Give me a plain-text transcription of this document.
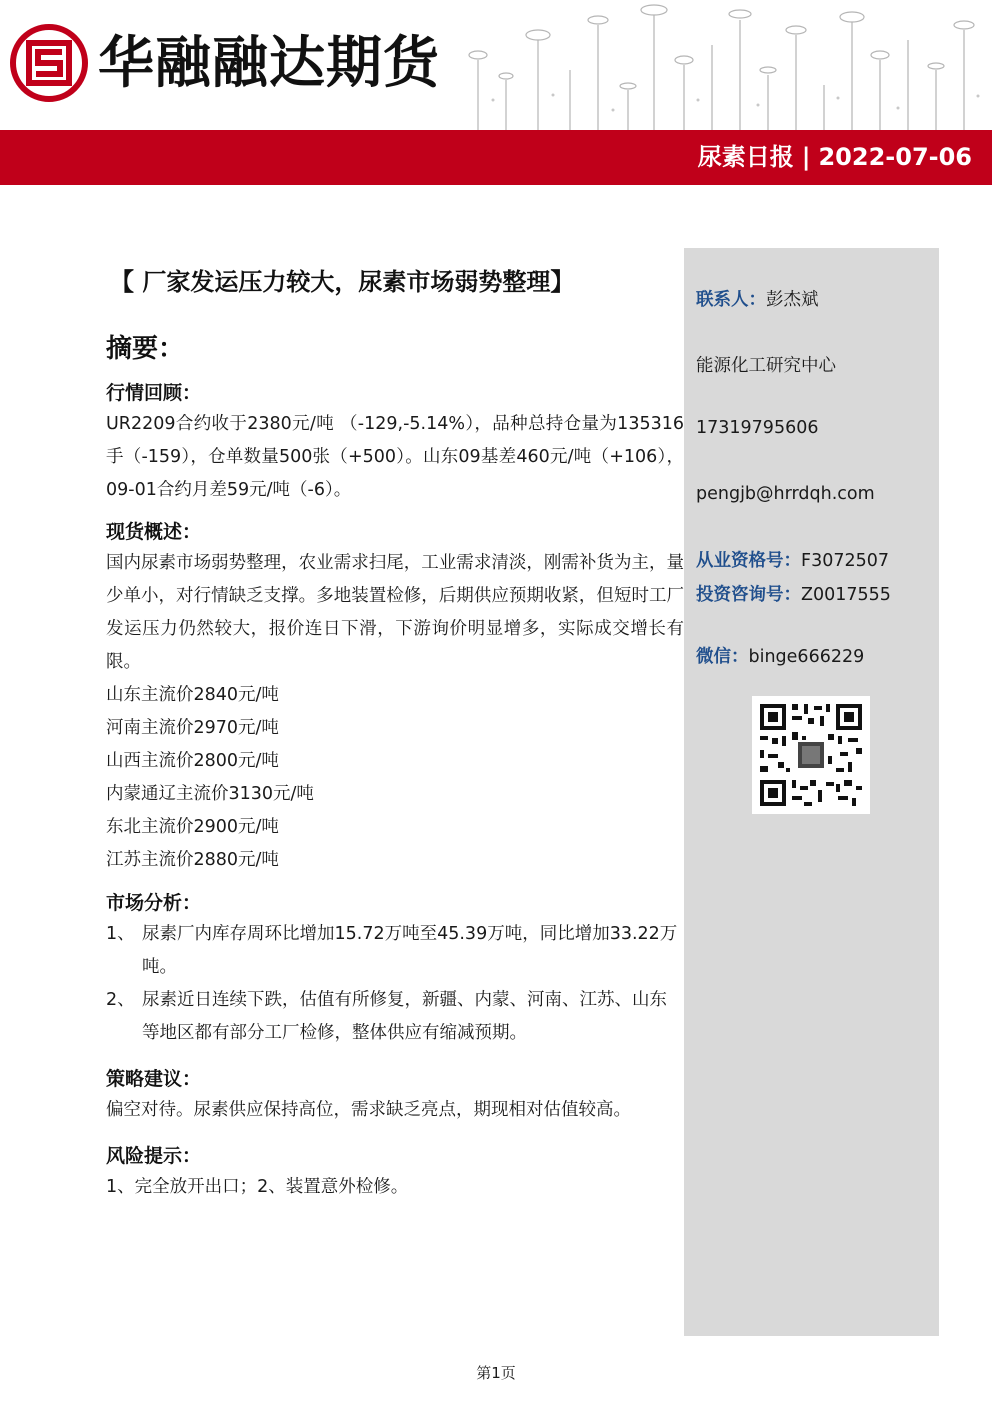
华融融达期货
尿素日报 | 2022-07-06
【 厂家发运压力较大，尿素市场弱势整理】
摘要：
行情回顾：
UR2209合约收于2380元/吨 （-129,-5.14%），品种总持仓量为135316手（-159），仓单数量500张（+500）。山东09基差460元/吨（+106），09-01合约月差59元/吨（-6）。
现货概述：
国内尿素市场弱势整理，农业需求扫尾，工业需求清淡，刚需补货为主，量少单小，对行情缺乏支撑。多地装置检修，后期供应预期收紧，但短时工厂发运压力仍然较大，报价连日下滑，下游询价明显增多，实际成交增长有限。
山东主流价2840元/吨
河南主流价2970元/吨
山西主流价2800元/吨
内蒙通辽主流价3130元/吨
东北主流价2900元/吨
江苏主流价2880元/吨
市场分析：
1、 尿素厂内库存周环比增加15.72万吨至45.39万吨，同比增加33.22万吨。
2、 尿素近日连续下跌，估值有所修复，新疆、内蒙、河南、江苏、山东等地区都有部分工厂检修，整体供应有缩减预期。
策略建议：
偏空对待。尿素供应保持高位，需求缺乏亮点，期现相对估值较高。
风险提示：
1、完全放开出口；2、装置意外检修。
联系人：彭杰斌
能源化工研究中心
17319795606
pengjb@hrrdqh.com
从业资格号：F3072507
投资咨询号：Z0017555
微信：binge666229
第1页
